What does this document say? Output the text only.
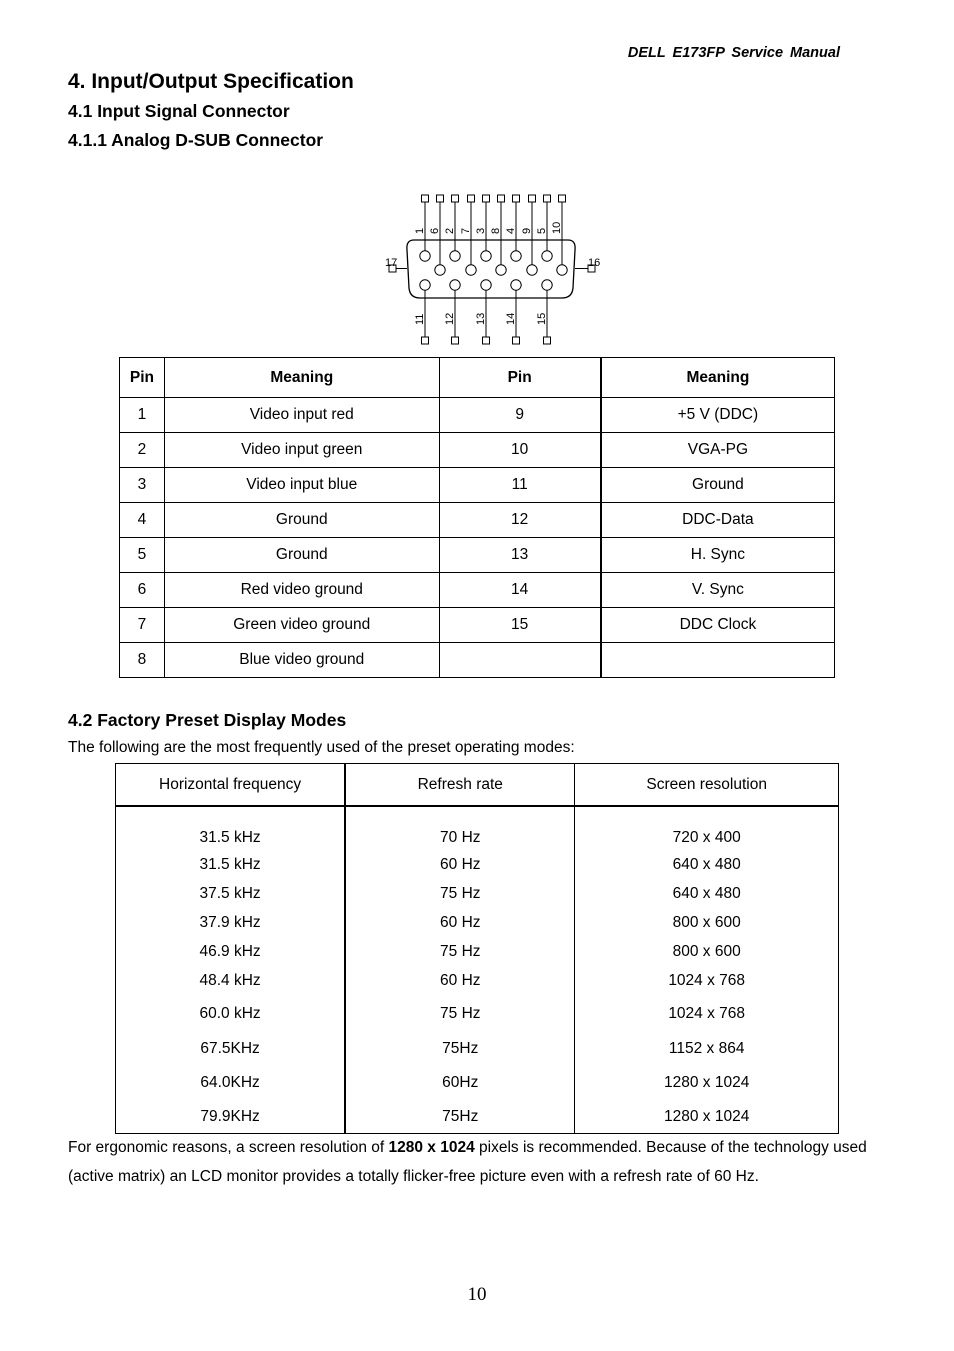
DELL E173FP Service Manual
4. Input/Output Specification
4.1 Input Signal Connector
4.1.1 Analog D-SUB Connector
1 6 2 7 3 8 4 9 5 10
11 12 13 14 15
17	16
Pin	Meaning	Pin	Meaning
1	Video input red	9	+5 V (DDC)
2	Video input green	10	VGA-PG
3	Video input blue	11	Ground
4	Ground	12	DDC-Data
5	Ground	13	H. Sync
6	Red video ground	14	V. Sync
7	Green video ground	15	DDC Clock
8	Blue video ground		
4.2 Factory Preset Display Modes
The following are the most frequently used of the preset operating modes:
Horizontal frequency	Refresh rate	Screen resolution
31.5 kHz	70 Hz	720 x 400
31.5 kHz	60 Hz	640 x 480
37.5 kHz	75 Hz	640 x 480
37.9 kHz	60 Hz	800 x 600
46.9 kHz	75 Hz	800 x 600
48.4 kHz	60 Hz	1024 x 768
60.0 kHz	75 Hz	1024 x 768
67.5KHz	75Hz	1152 x 864
64.0KHz	60Hz	1280 x 1024
79.9KHz	75Hz	1280 x 1024
For ergonomic reasons, a screen resolution of 1280 x 1024 pixels is recommended. Because of the technology used (active matrix) an LCD monitor provides a totally flicker-free picture even with a refresh rate of 60 Hz.
10
